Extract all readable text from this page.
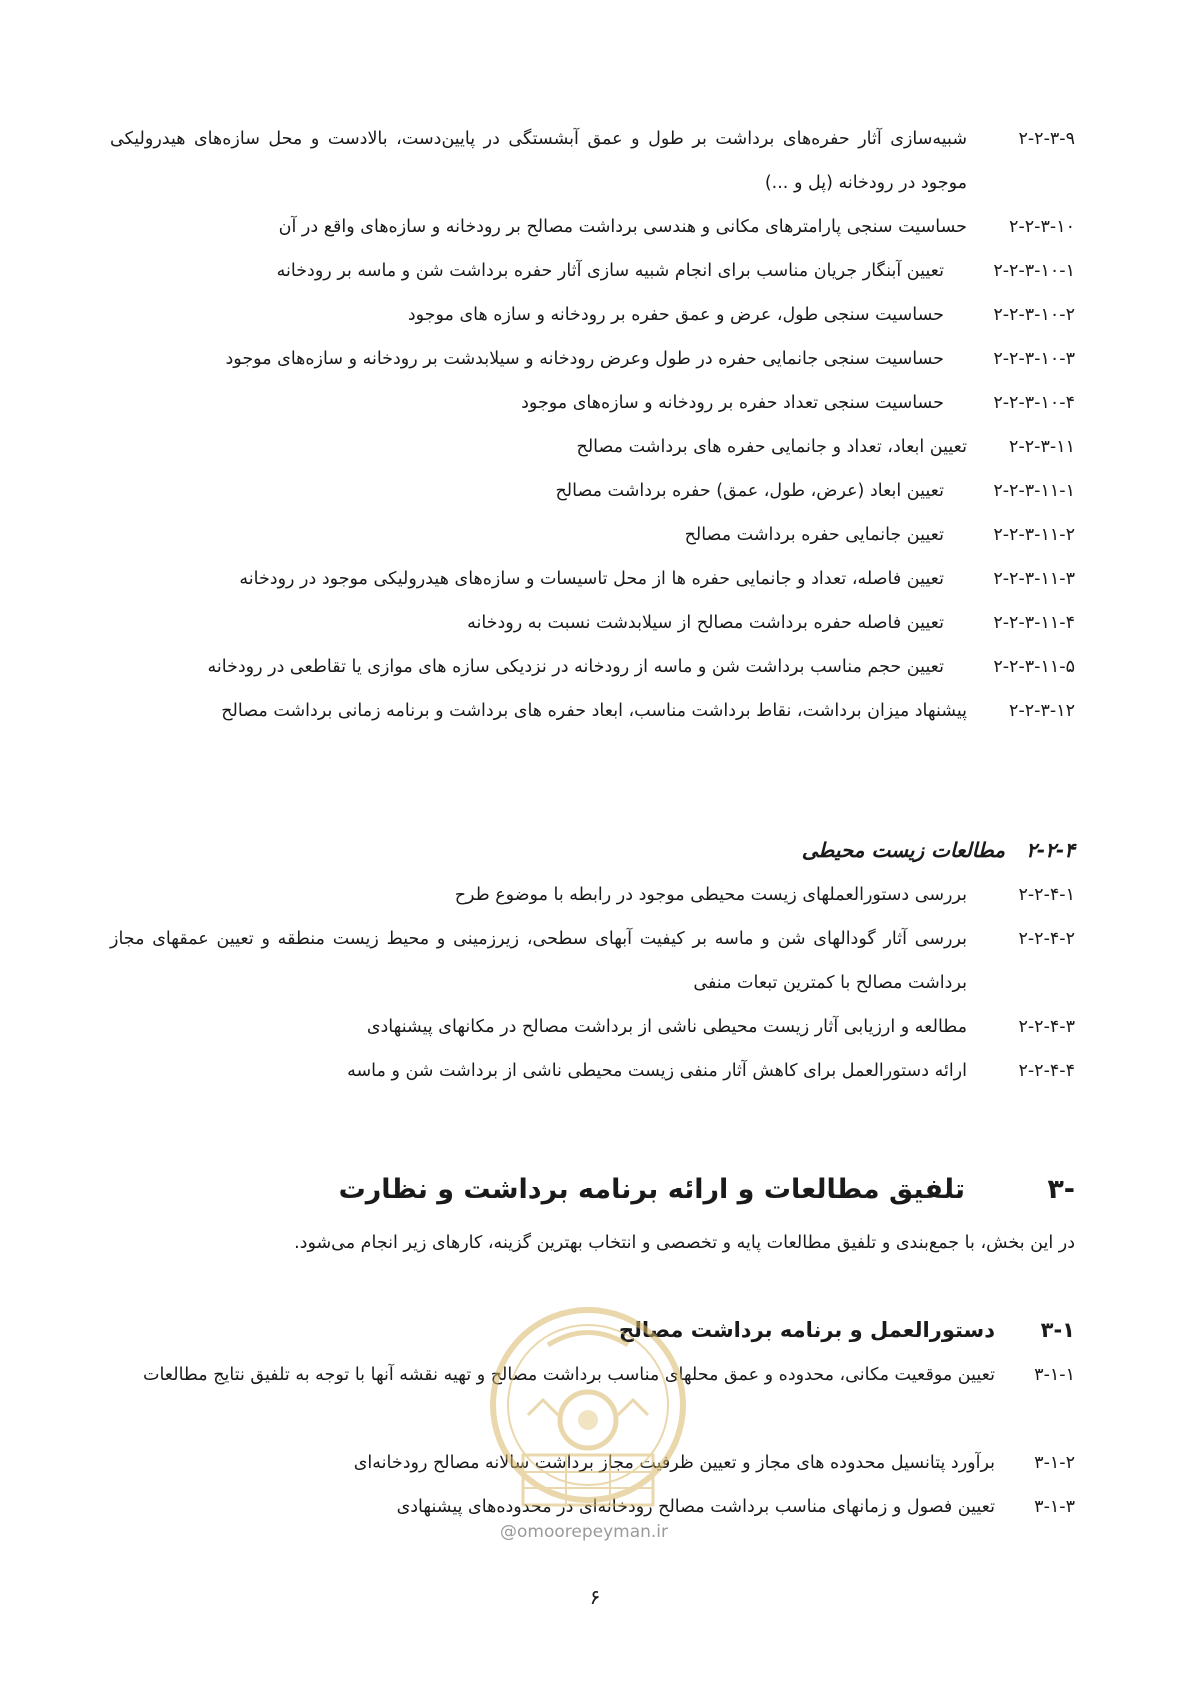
۲-۲-۳-۹
شبیه‌سازی آثار حفره‌های برداشت بر طول و عمق آبشستگی در پایین‌دست، بالادست و محل سازه‌های هیدرولیکی موجود در رودخانه (پل و ...)
۲-۲-۳-۱۰
حساسیت سنجی پارامترهای مکانی و هندسی برداشت مصالح بر رودخانه و سازه‌های واقع در آن
۲-۲-۳-۱۰-۱
تعیین آبنگار جریان مناسب برای انجام شبیه سازی آثار حفره برداشت شن و ماسه بر رودخانه
۲-۲-۳-۱۰-۲
حساسیت سنجی طول، عرض و عمق حفره بر رودخانه و سازه های موجود
۲-۲-۳-۱۰-۳
حساسیت سنجی جانمایی حفره در طول وعرض رودخانه و سیلابدشت بر رودخانه و سازه‌های موجود
۲-۲-۳-۱۰-۴
حساسیت سنجی تعداد حفره بر رودخانه و سازه‌های موجود
۲-۲-۳-۱۱
تعیین ابعاد، تعداد و جانمایی حفره های برداشت مصالح
۲-۲-۳-۱۱-۱
تعیین ابعاد (عرض، طول، عمق) حفره برداشت مصالح
۲-۲-۳-۱۱-۲
تعیین جانمایی حفره برداشت مصالح
۲-۲-۳-۱۱-۳
تعیین فاصله، تعداد و جانمایی حفره ها از محل تاسیسات و سازه‌های هیدرولیکی موجود در رودخانه
۲-۲-۳-۱۱-۴
تعیین فاصله حفره برداشت مصالح از سیلابدشت نسبت به رودخانه
۲-۲-۳-۱۱-۵
تعیین حجم مناسب برداشت شن و ماسه از رودخانه در نزدیکی سازه های موازی یا تقاطعی در رودخانه
۲-۲-۳-۱۲
پیشنهاد میزان برداشت، نقاط برداشت مناسب، ابعاد حفره های برداشت و برنامه زمانی برداشت مصالح
۲-۲-۴
مطالعات زیست محیطی
۲-۲-۴-۱
بررسی دستورالعملهای زیست محیطی موجود در رابطه با موضوع طرح
۲-۲-۴-۲
بررسی آثار گودالهای شن و ماسه بر کیفیت آبهای سطحی، زیرزمینی و محیط زیست منطقه و تعیین عمقهای مجاز برداشت مصالح با کمترین تبعات منفی
۲-۲-۴-۳
مطالعه و ارزیابی آثار زیست محیطی ناشی از برداشت مصالح در مکانهای پیشنهادی
۲-۲-۴-۴
ارائه دستورالعمل برای کاهش آثار منفی زیست محیطی ناشی از برداشت شن و ماسه
۳-
تلفیق مطالعات و ارائه برنامه برداشت و نظارت
در این بخش، با جمع‌بندی و تلفیق مطالعات پایه و تخصصی و انتخاب بهترین گزینه، کارهای زیر انجام می‌شود.
۳-۱
دستورالعمل و برنامه برداشت مصالح
۳-۱-۱
تعیین موقعیت مکانی، محدوده و عمق محلهای مناسب برداشت مصالح و تهیه نقشه آنها با توجه به تلفیق نتایج مطالعات
۳-۱-۲
برآورد پتانسیل محدوده های مجاز و تعیین ظرفیت مجاز برداشت سالانه مصالح رودخانه‌ای
۳-۱-۳
تعیین فصول و زمانهای مناسب برداشت مصالح رودخانه‌ای در محدوده‌های پیشنهادی
@omoorepeyman.ir
۶
